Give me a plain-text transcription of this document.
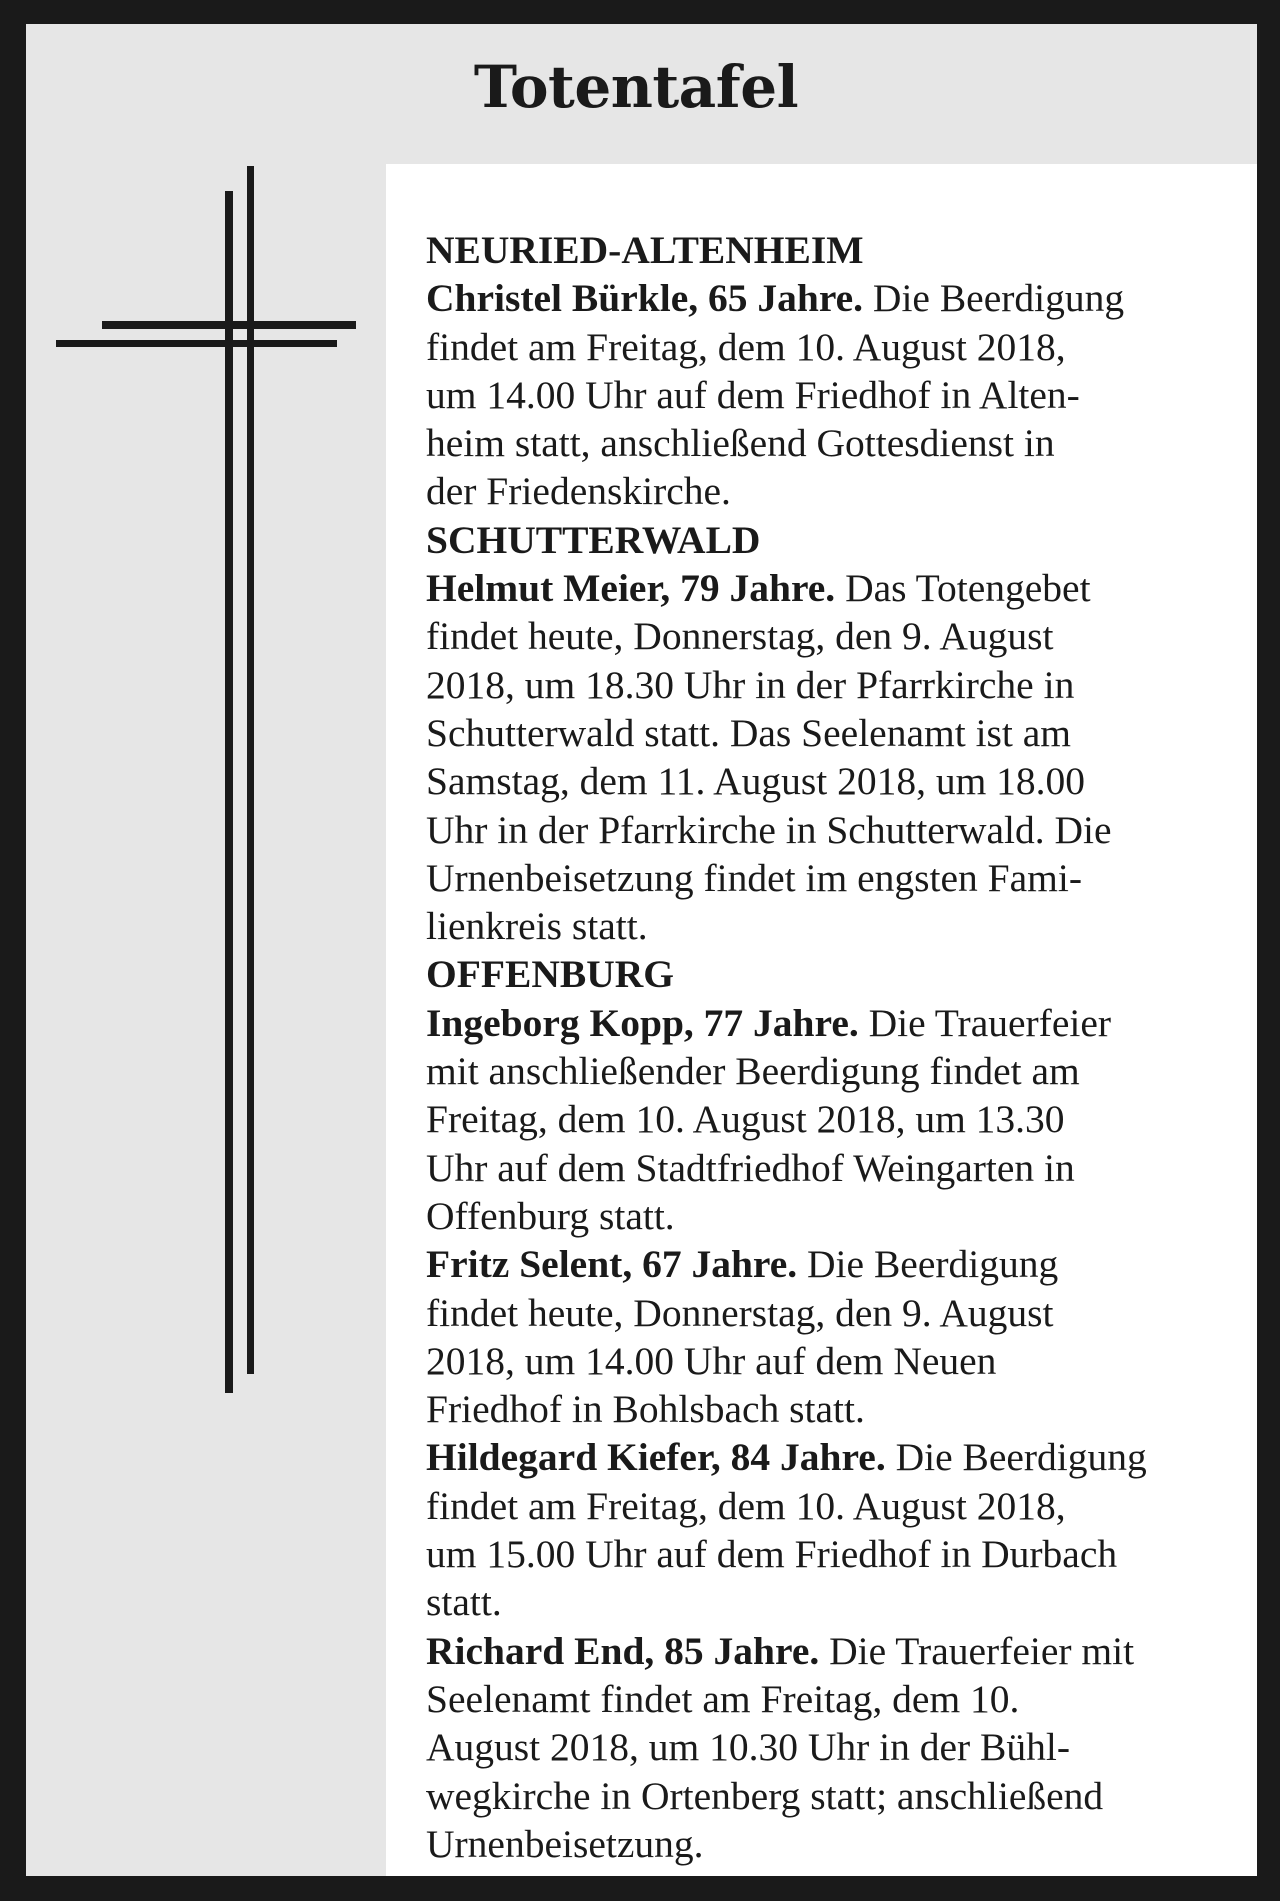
Totentafel

NEURIED-ALTENHEIM
Christel Bürkle, 65 Jahre. Die Beerdigung
findet am Freitag, dem 10. August 2018,
um 14.00 Uhr auf dem Friedhof in Alten-
heim statt, anschließend Gottesdienst in
der Friedenskirche.
SCHUTTERWALD
Helmut Meier, 79 Jahre. Das Totengebet
findet heute, Donnerstag, den 9. August
2018, um 18.30 Uhr in der Pfarrkirche in
Schutterwald statt. Das Seelenamt ist am
Samstag, dem 11. August 2018, um 18.00
Uhr in der Pfarrkirche in Schutterwald. Die
Urnenbeisetzung findet im engsten Fami-
lienkreis statt.
OFFENBURG
Ingeborg Kopp, 77 Jahre. Die Trauerfeier
mit anschließender Beerdigung findet am
Freitag, dem 10. August 2018, um 13.30
Uhr auf dem Stadtfriedhof Weingarten in
Offenburg statt.
Fritz Selent, 67 Jahre. Die Beerdigung
findet heute, Donnerstag, den 9. August
2018, um 14.00 Uhr auf dem Neuen
Friedhof in Bohlsbach statt.
Hildegard Kiefer, 84 Jahre. Die Beerdigung
findet am Freitag, dem 10. August 2018,
um 15.00 Uhr auf dem Friedhof in Durbach
statt.
Richard End, 85 Jahre. Die Trauerfeier mit
Seelenamt findet am Freitag, dem 10.
August 2018, um 10.30 Uhr in der Bühl-
wegkirche in Ortenberg statt; anschließend
Urnenbeisetzung.
